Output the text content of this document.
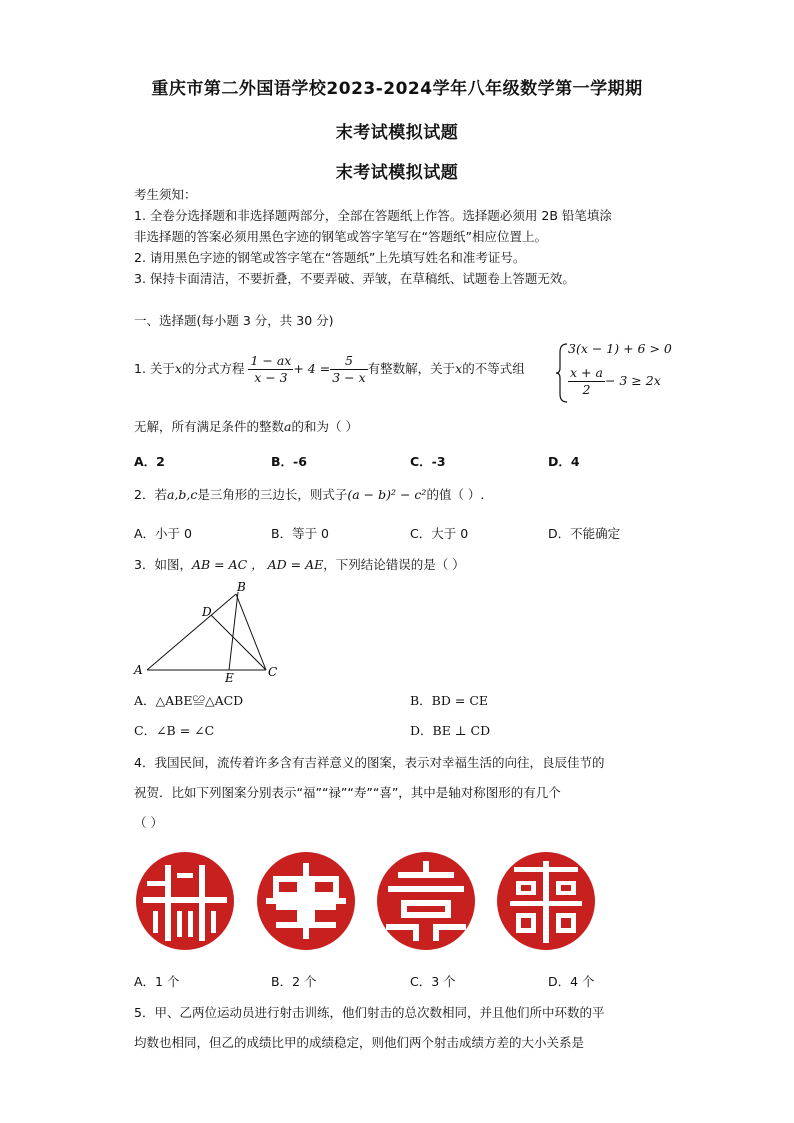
重庆市第二外国语学校2023-2024学年八年级数学第一学期期
末考试模拟试题
末考试模拟试题
考生须知：
1. 全卷分选择题和非选择题两部分，全部在答题纸上作答。选择题必须用 2B 铅笔填涂
非选择题的答案必须用黑色字迹的钢笔或答字笔写在“答题纸”相应位置上。
2. 请用黑色字迹的钢笔或答字笔在“答题纸”上先填写姓名和准考证号。
3. 保持卡面清洁，不要折叠，不要弄破、弄皱，在草稿纸、试题卷上答题无效。
一、选择题(每小题 3 分，共 30 分)
1. 关于x的分式方程 $\frac{1 - ax}{x - 3} + 4 = \frac{5}{3 - x}$ 有整数解，关于x的不等式组
3(x − 1) + 6 > 0
$\frac{x + a}{2} - 3 \ge 2x$
无解，所有满足条件的整数a的和为（ ）
A．2	B．-6	C．-3	D．4
2．若a,b,c是三角形的三边长，则式子(a − b)² − c²的值（ ）.
A．小于 0	B．等于 0	C．大于 0	D．不能确定
3．如图，AB = AC ， AD = AE，下列结论错误的是（ ）
A
B
C
D
E
A．△ABE≌△ACD	B．BD = CE
C．∠B = ∠C	D．BE ⊥ CD
4．我国民间，流传着许多含有吉祥意义的图案，表示对幸福生活的向往，良辰佳节的
祝贺．比如下列图案分别表示“福”“禄”“寿”“喜”，其中是轴对称图形的有几个
（ ）
A．1 个	B．2 个	C．3 个	D．4 个
5．甲、乙两位运动员进行射击训练，他们射击的总次数相同，并且他们所中环数的平
均数也相同，但乙的成绩比甲的成绩稳定，则他们两个射击成绩方差的大小关系是
